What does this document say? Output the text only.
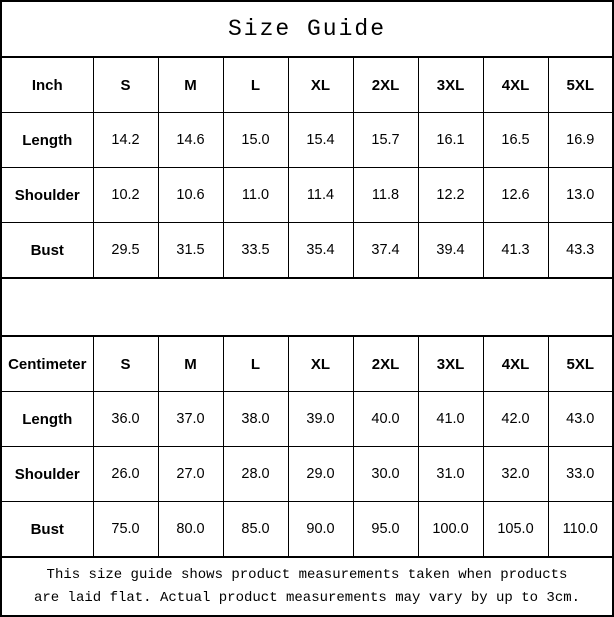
Size Guide
Inch	S	M	L	XL	2XL	3XL	4XL	5XL
Length	14.2	14.6	15.0	15.4	15.7	16.1	16.5	16.9
Shoulder	10.2	10.6	11.0	11.4	11.8	12.2	12.6	13.0
Bust	29.5	31.5	33.5	35.4	37.4	39.4	41.3	43.3
Centimeter	S	M	L	XL	2XL	3XL	4XL	5XL
Length	36.0	37.0	38.0	39.0	40.0	41.0	42.0	43.0
Shoulder	26.0	27.0	28.0	29.0	30.0	31.0	32.0	33.0
Bust	75.0	80.0	85.0	90.0	95.0	100.0	105.0	110.0
This size guide shows product measurements taken when products
are laid flat. Actual product measurements may vary by up to 3cm.
